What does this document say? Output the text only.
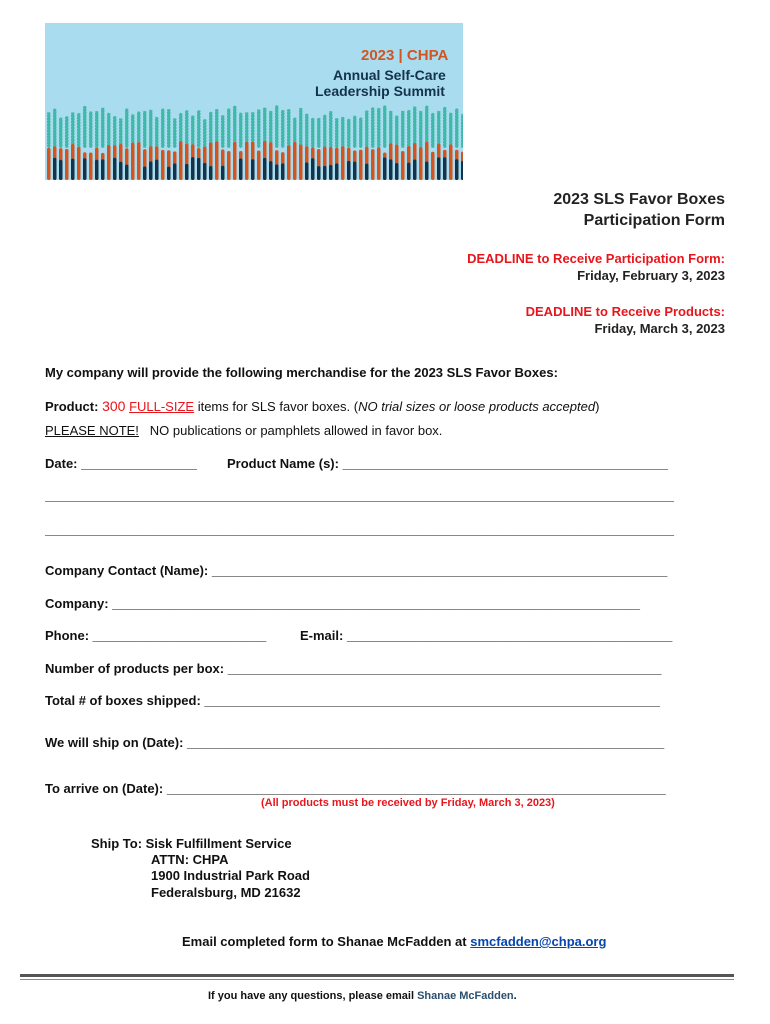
2023 | CHPA
Annual Self-Care
Leadership Summit
2023 SLS Favor Boxes
Participation Form
DEADLINE to Receive Participation Form:
Friday, February 3, 2023
DEADLINE to Receive Products:
Friday, March 3, 2023
My company will provide the following merchandise for the 2023 SLS Favor Boxes:
Product: 300 FULL-SIZE items for SLS favor boxes. (NO trial sizes or loose products accepted)
PLEASE NOTE! NO publications or pamphlets allowed in favor box.
Date: ________________ Product Name (s): _____________________________________________
_______________________________________________________________________________________
_______________________________________________________________________________________
Company Contact (Name): _______________________________________________________________
Company: _________________________________________________________________________
Phone: ________________________	E-mail: _____________________________________________
Number of products per box: ____________________________________________________________
Total # of boxes shipped: _______________________________________________________________
We will ship on (Date): __________________________________________________________________
To arrive on (Date): _____________________________________________________________________
(All products must be received by Friday, March 3, 2023)
Ship To: Sisk Fulfillment Service
ATTN: CHPA
1900 Industrial Park Road
Federalsburg, MD 21632
Email completed form to Shanae McFadden at smcfadden@chpa.org
If you have any questions, please email Shanae McFadden.
